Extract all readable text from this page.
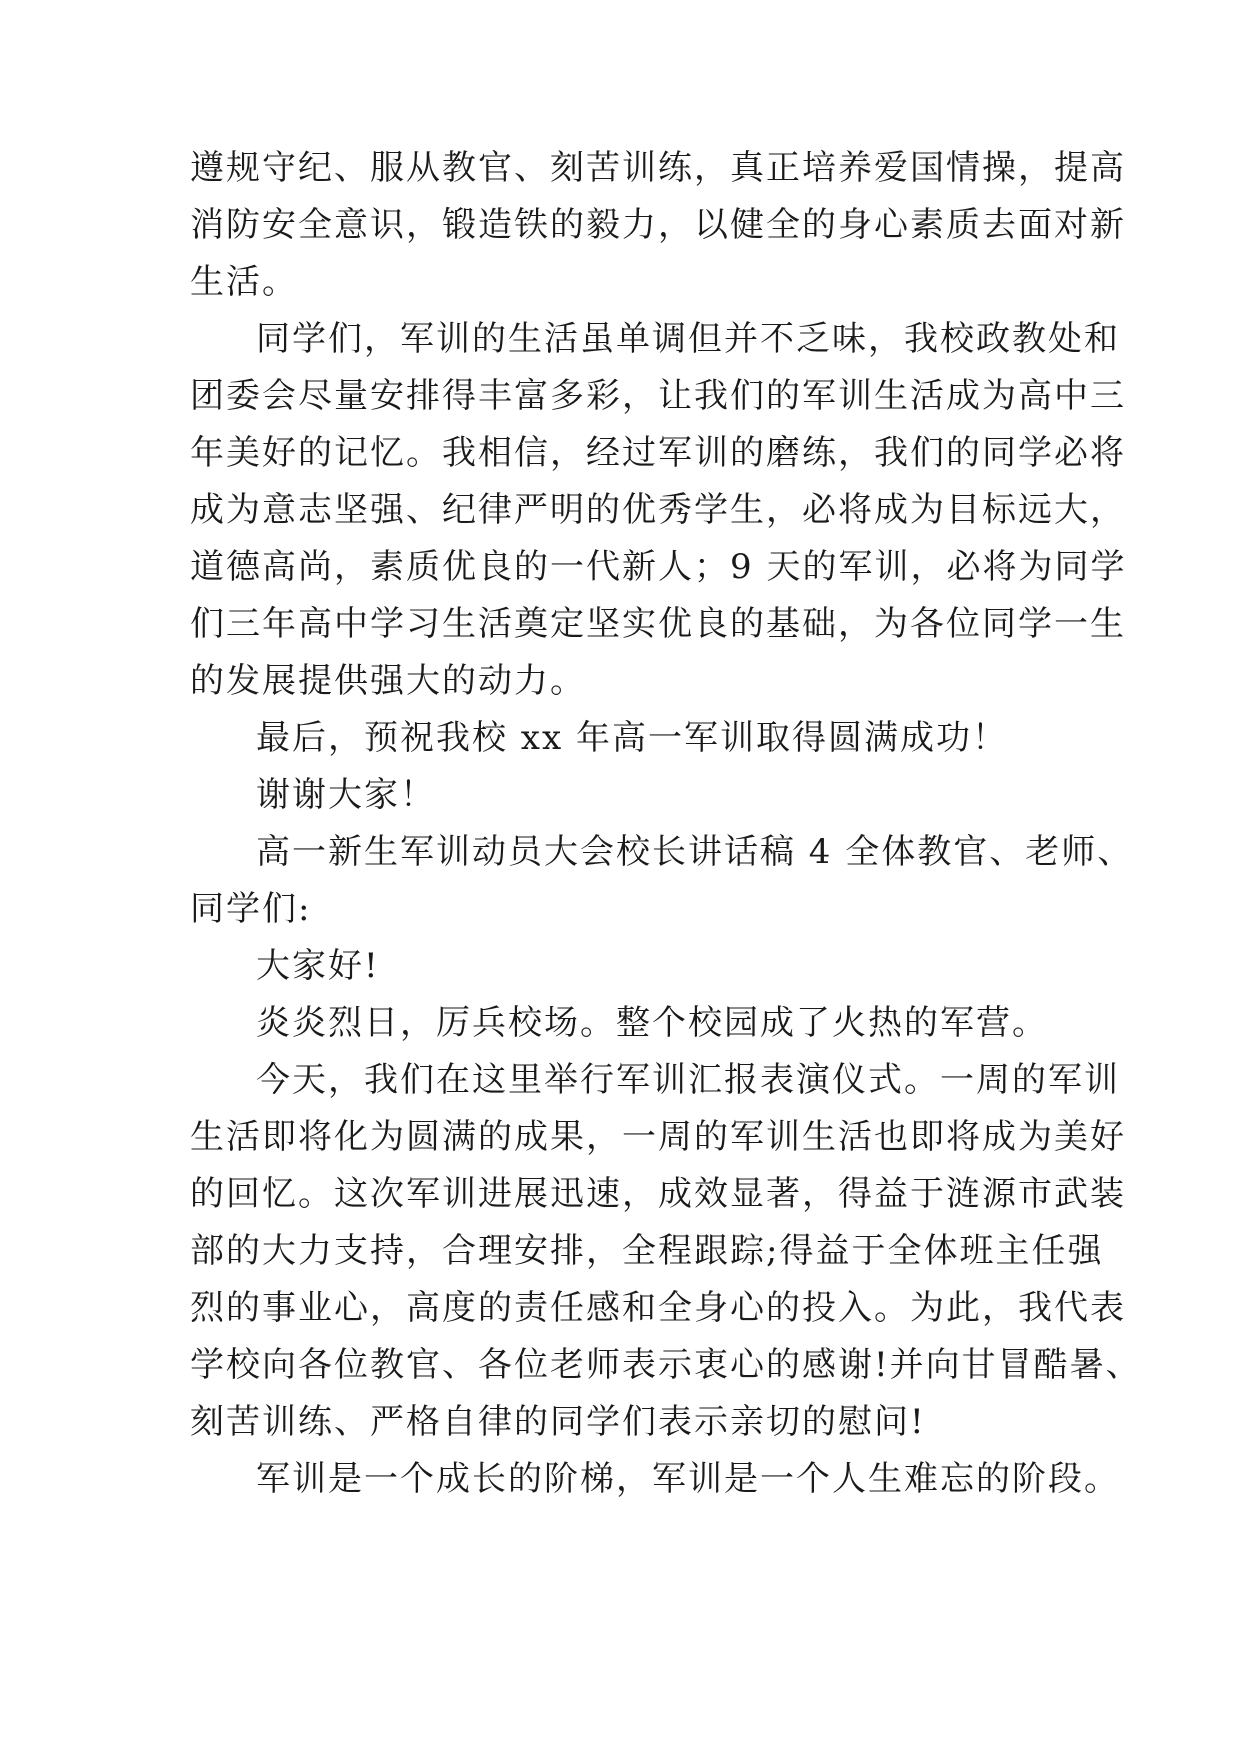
遵规守纪、服从教官、刻苦训练，真正培养爱国情操，提高
消防安全意识，锻造铁的毅力，以健全的身心素质去面对新
生活。
同学们，军训的生活虽单调但并不乏味，我校政教处和
团委会尽量安排得丰富多彩，让我们的军训生活成为高中三
年美好的记忆。我相信，经过军训的磨练，我们的同学必将
成为意志坚强、纪律严明的优秀学生，必将成为目标远大，
道德高尚，素质优良的一代新人；9 天的军训，必将为同学
们三年高中学习生活奠定坚实优良的基础，为各位同学一生
的发展提供强大的动力。
最后，预祝我校 xx 年高一军训取得圆满成功！
谢谢大家！
高一新生军训动员大会校长讲话稿 4 全体教官、老师、
同学们:
大家好!
炎炎烈日，厉兵校场。整个校园成了火热的军营。
今天，我们在这里举行军训汇报表演仪式。一周的军训
生活即将化为圆满的成果，一周的军训生活也即将成为美好
的回忆。这次军训进展迅速，成效显著，得益于涟源市武装
部的大力支持，合理安排，全程跟踪;得益于全体班主任强
烈的事业心，高度的责任感和全身心的投入。为此，我代表
学校向各位教官、各位老师表示衷心的感谢!并向甘冒酷暑、
刻苦训练、严格自律的同学们表示亲切的慰问!
军训是一个成长的阶梯，军训是一个人生难忘的阶段。
